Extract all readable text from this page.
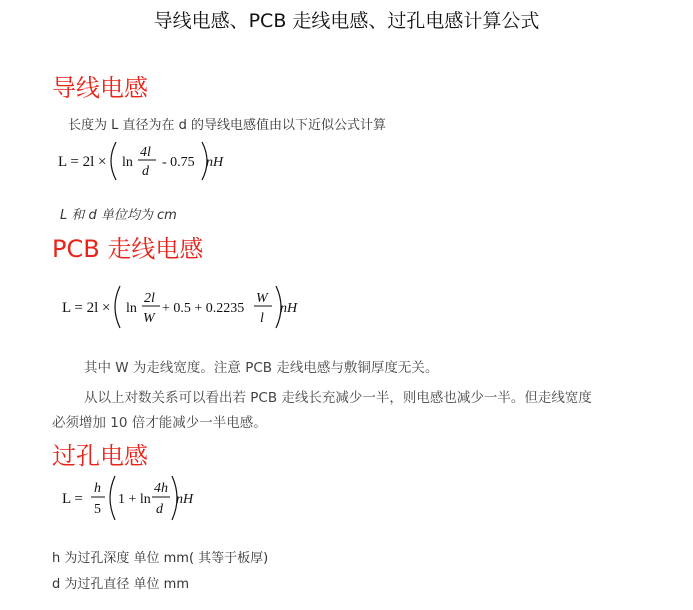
导线电感、PCB 走线电感、过孔电感计算公式
导线电感
长度为 L 直径为在 d 的导线电感值由以下近似公式计算
L = 2l × ln
4l
d
- 0.75 nH
L 和 d 单位均为 cm
PCB 走线电感
L = 2l × ln
2l
W
+ 0.5 + 0.2235
W
l
nH
其中 W 为走线宽度。注意 PCB 走线电感与敷铜厚度无关。
从以上对数关系可以看出若 PCB 走线长充减少一半，则电感也减少一半。但走线宽度
必须增加 10 倍才能减少一半电感。
过孔电感
L =
h
5
1 + ln
4h
d
nH
h 为过孔深度 单位 mm( 其等于板厚)
d 为过孔直径 单位 mm
